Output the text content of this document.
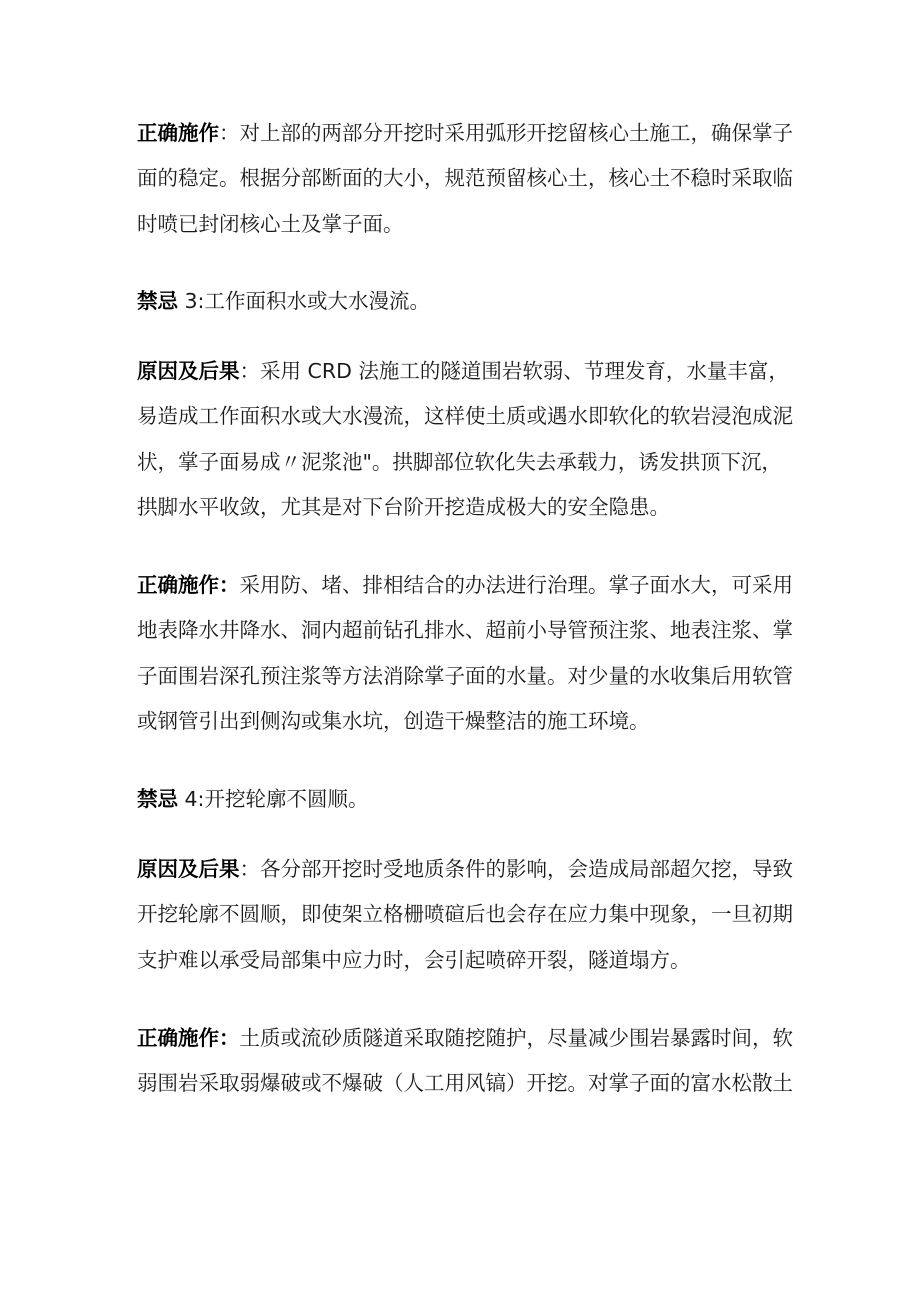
正确施作：对上部的两部分开挖时采用弧形开挖留核心土施工，确保掌子
面的稳定。根据分部断面的大小，规范预留核心土，核心土不稳时采取临
时喷已封闭核心土及掌子面。

禁忌 3:工作面积水或大水漫流。

原因及后果：采用 CRD 法施工的隧道围岩软弱、节理发育，水量丰富，
易造成工作面积水或大水漫流，这样使土质或遇水即软化的软岩浸泡成泥
状，掌子面易成〃泥浆池"。拱脚部位软化失去承载力，诱发拱顶下沉，
拱脚水平收敛，尤其是对下台阶开挖造成极大的安全隐患。

正确施作：采用防、堵、排相结合的办法进行治理。掌子面水大，可采用
地表降水井降水、洞内超前钻孔排水、超前小导管预注浆、地表注浆、掌
子面围岩深孔预注浆等方法消除掌子面的水量。对少量的水收集后用软管
或钢管引出到侧沟或集水坑，创造干燥整洁的施工环境。

禁忌 4:开挖轮廓不圆顺。

原因及后果：各分部开挖时受地质条件的影响，会造成局部超欠挖，导致
开挖轮廓不圆顺，即使架立格栅喷碹后也会存在应力集中现象，一旦初期
支护难以承受局部集中应力时，会引起喷碎开裂，隧道塌方。

正确施作：土质或流砂质隧道采取随挖随护，尽量减少围岩暴露时间，软
弱围岩采取弱爆破或不爆破（人工用风镐）开挖。对掌子面的富水松散土
